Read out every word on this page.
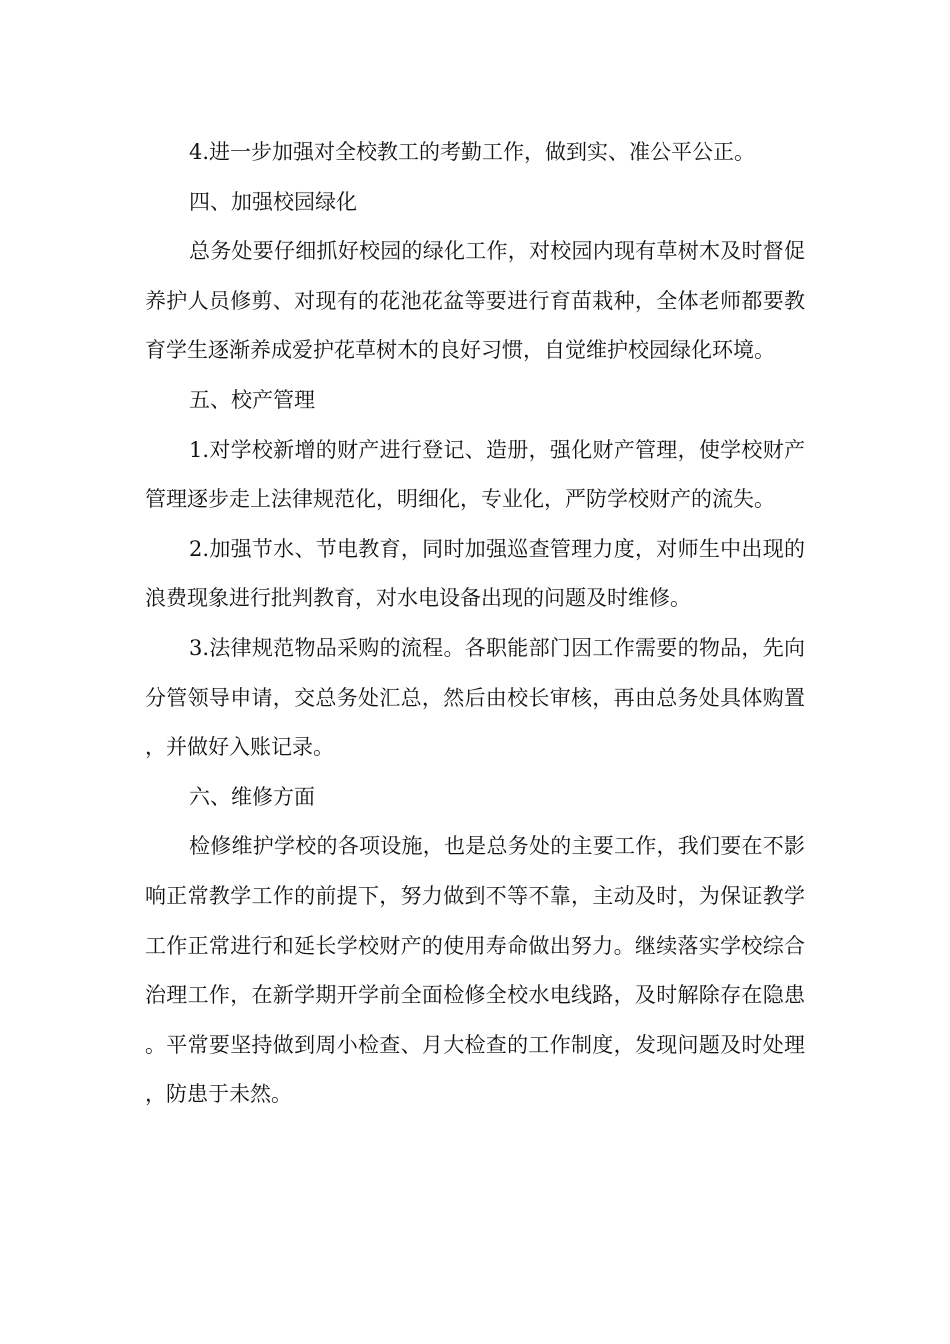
4.进一步加强对全校教工的考勤工作，做到实、准公平公正。

四、加强校园绿化

总务处要仔细抓好校园的绿化工作，对校园内现有草树木及时督促养护人员修剪、对现有的花池花盆等要进行育苗栽种，全体老师都要教育学生逐渐养成爱护花草树木的良好习惯，自觉维护校园绿化环境。

五、校产管理

1.对学校新增的财产进行登记、造册，强化财产管理，使学校财产管理逐步走上法律规范化，明细化，专业化，严防学校财产的流失。

2.加强节水、节电教育，同时加强巡查管理力度，对师生中出现的浪费现象进行批判教育，对水电设备出现的问题及时维修。

3.法律规范物品采购的流程。各职能部门因工作需要的物品，先向分管领导申请，交总务处汇总，然后由校长审核，再由总务处具体购置，并做好入账记录。

六、维修方面

检修维护学校的各项设施，也是总务处的主要工作，我们要在不影响正常教学工作的前提下，努力做到不等不靠，主动及时，为保证教学工作正常进行和延长学校财产的使用寿命做出努力。继续落实学校综合治理工作，在新学期开学前全面检修全校水电线路，及时解除存在隐患。平常要坚持做到周小检查、月大检查的工作制度，发现问题及时处理，防患于未然。
